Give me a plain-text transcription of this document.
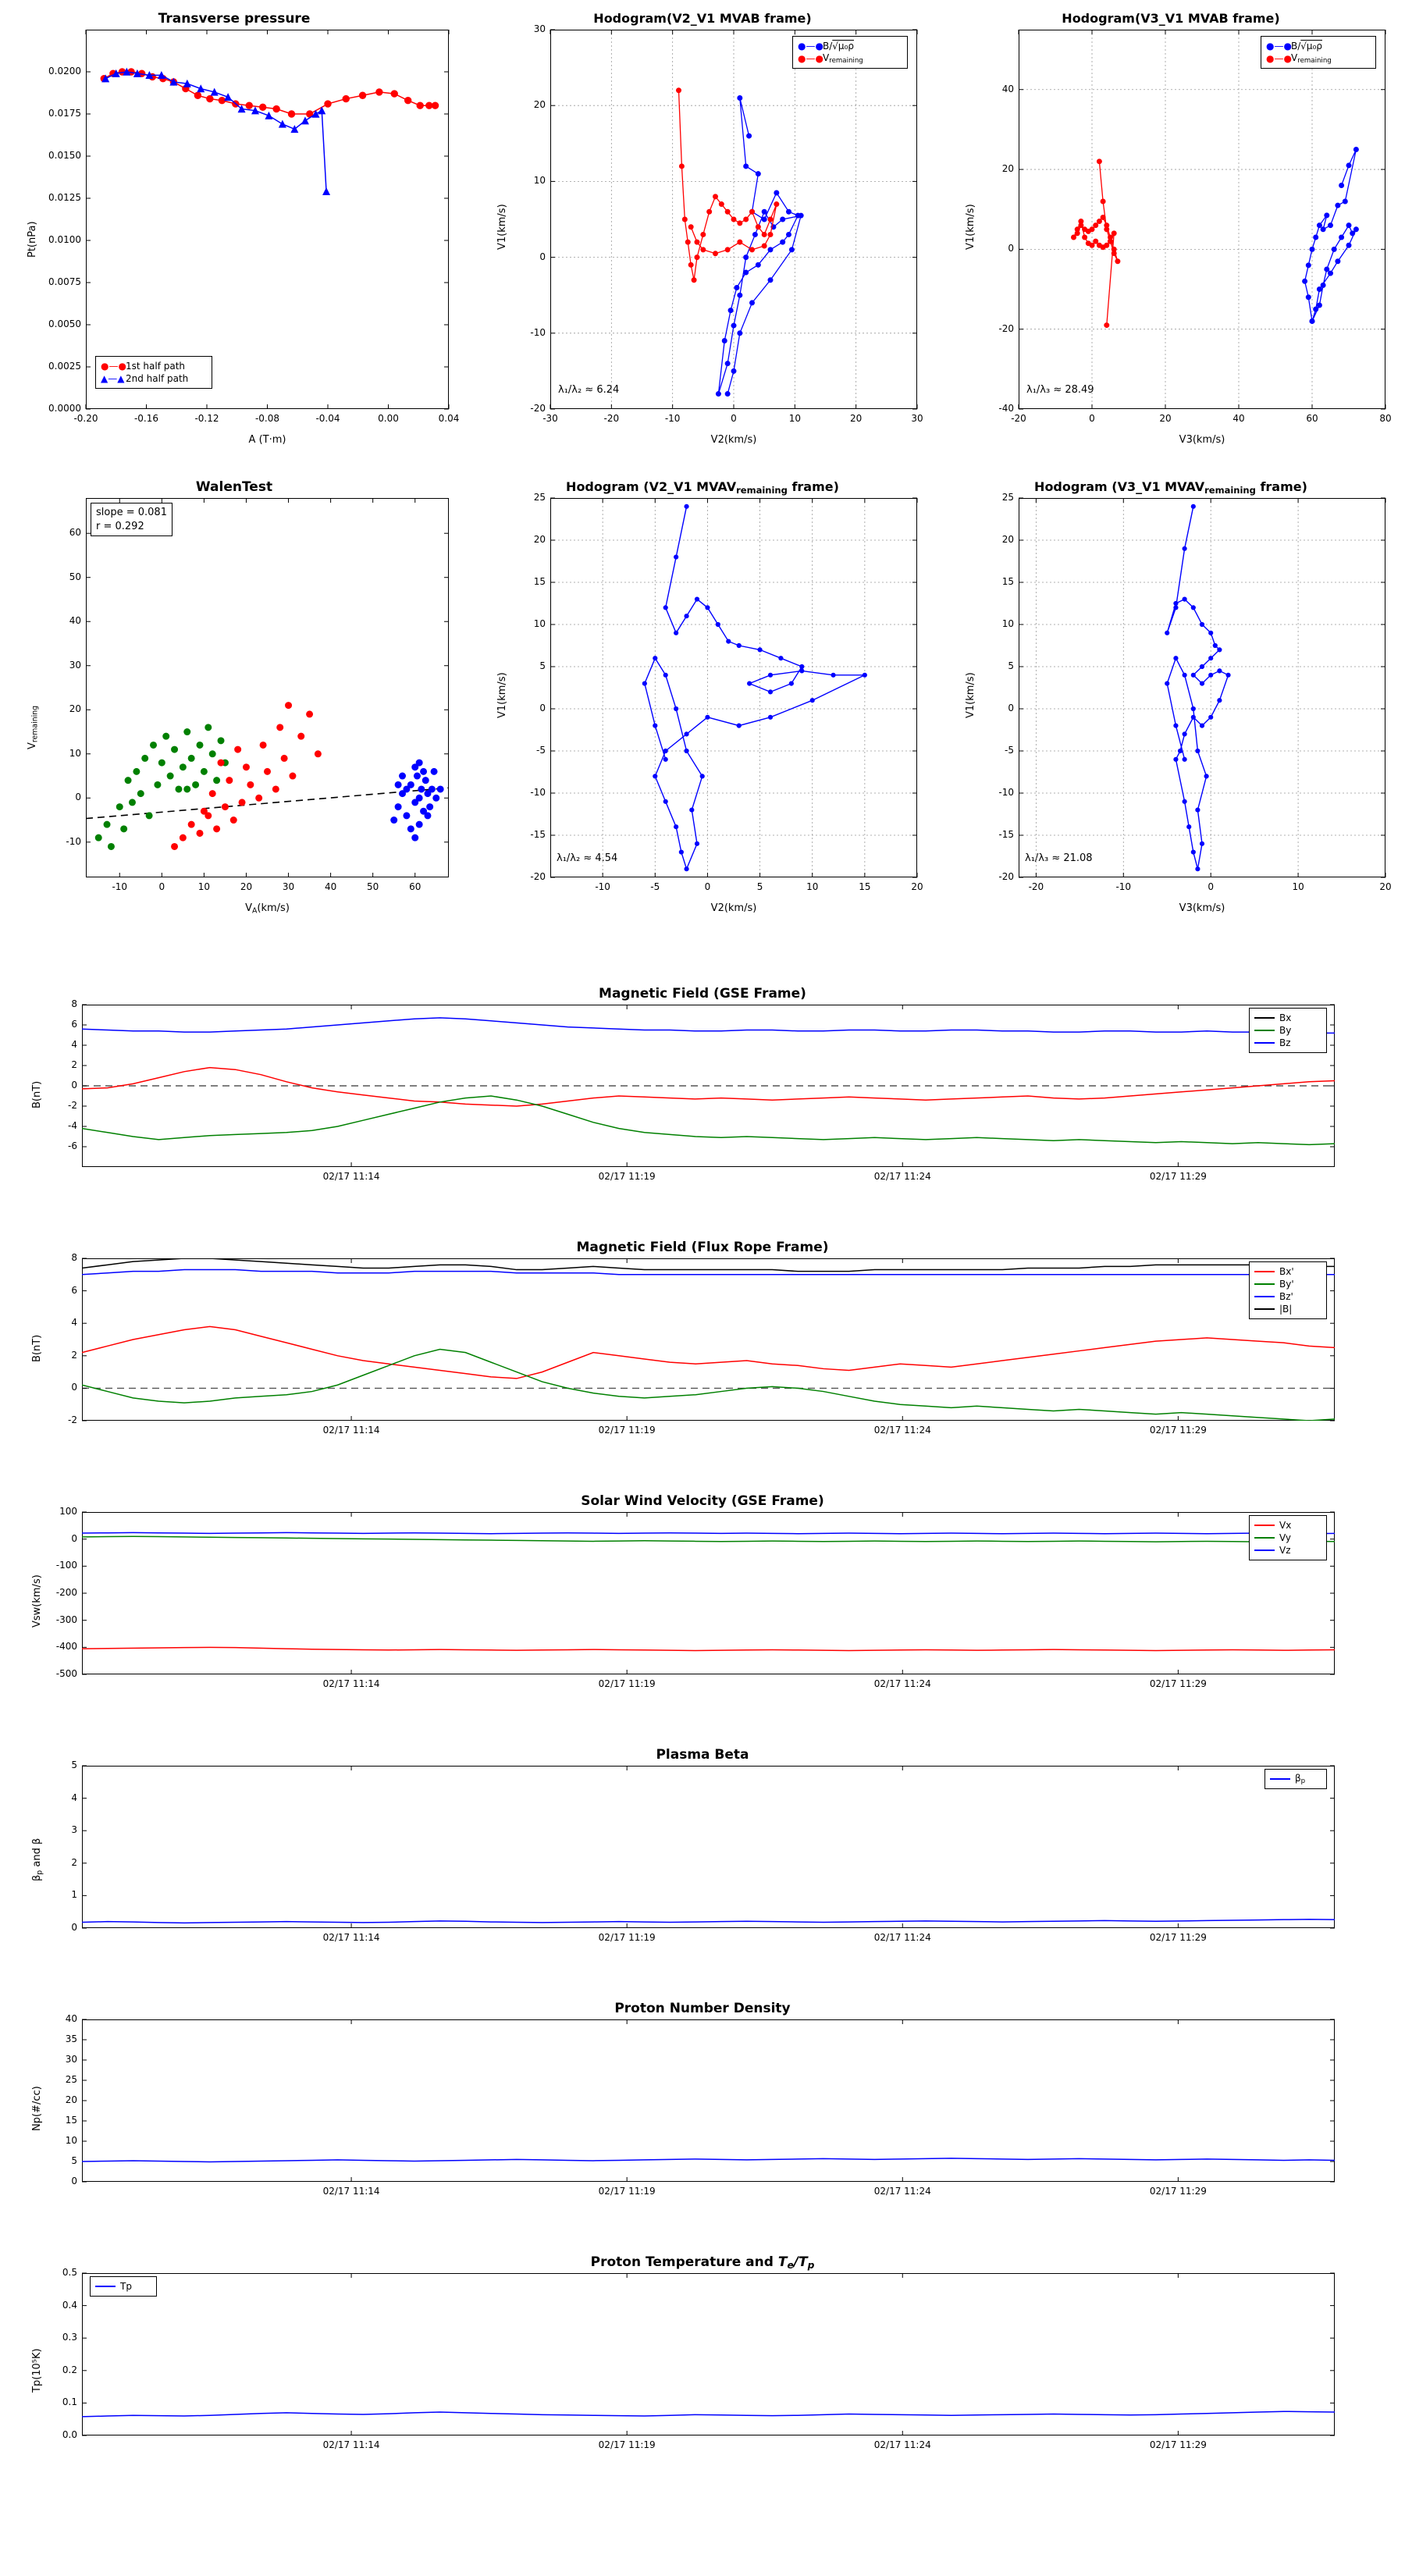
Transverse pressure
Pt(nPa)
A (T·m)
-0.20	-0.16	-0.12	-0.08	-0.04	0.00	0.04
0.0000
0.0025
0.0050
0.0075
0.0100
0.0125
0.0150
0.0175
0.0200
●—● 1st half path
▲—▲ 2nd half path
Hodogram(V2_V1 MVAB frame)
V1(km/s)
V2(km/s)
λ₁/λ₂ ≈ 6.24
●—● B/√μ₀ρ
●—● $V_{remaining}$
-30	-20	-10	0	10	20	30
-20
-10
0
10
20
30
Hodogram(V3_V1 MVAB frame)
V1(km/s)
V3(km/s)
λ₁/λ₃ ≈ 28.49
●—● B/√μ₀ρ
●—● $V_{remaining}$
-20	0	20	40	60	80
-40
-20
0
20
40
WalenTest
$V_{remaining}$
$V_A(km/s)$
slope = 0.081
r = 0.292
-10	0	10	20	30	40	50	60
-10
0
10
20
30
40
50
60
Hodogram (V2_V1 $MVAV_{remaining}$ frame)
V1(km/s)
V2(km/s)
λ₁/λ₂ ≈ 4.54
-10	-5	0	5	10	15	20
-20
-15
-10
-5
0
5
10
15
20
25
Hodogram (V3_V1 $MVAV_{remaining}$ frame)
V1(km/s)
V3(km/s)
λ₁/λ₃ ≈ 21.08
-20	-10	0	10	20
-20
-15
-10
-5
0
5
10
15
20
25
Magnetic Field (GSE Frame)
B(nT)
Bx
By
Bz
-6
-4
-2
0
2
4
6
8
02/17 11:14	02/17 11:19	02/17 11:24	02/17 11:29
Magnetic Field (Flux Rope Frame)
B(nT)
Bx'
By'
Bz'
|B|
-2
0
2
4
6
8
02/17 11:14	02/17 11:19	02/17 11:24	02/17 11:29
Solar Wind Velocity (GSE Frame)
Vsw(km/s)
Vx
Vy
Vz
-500
-400
-300
-200
-100
0
100
02/17 11:14	02/17 11:19	02/17 11:24	02/17 11:29
Plasma Beta
$\beta_p$ and β
$\beta_p$
0
1
2
3
4
5
02/17 11:14	02/17 11:19	02/17 11:24	02/17 11:29
Proton Number Density
Np(#/cc)
0
5
10
15
20
25
30
35
40
02/17 11:14	02/17 11:19	02/17 11:24	02/17 11:29
Proton Temperature and $T_e/T_p$
Tp(10⁵K)
Tp
0.0
0.1
0.2
0.3
0.4
0.5
02/17 11:14	02/17 11:19	02/17 11:24	02/17 11:29
